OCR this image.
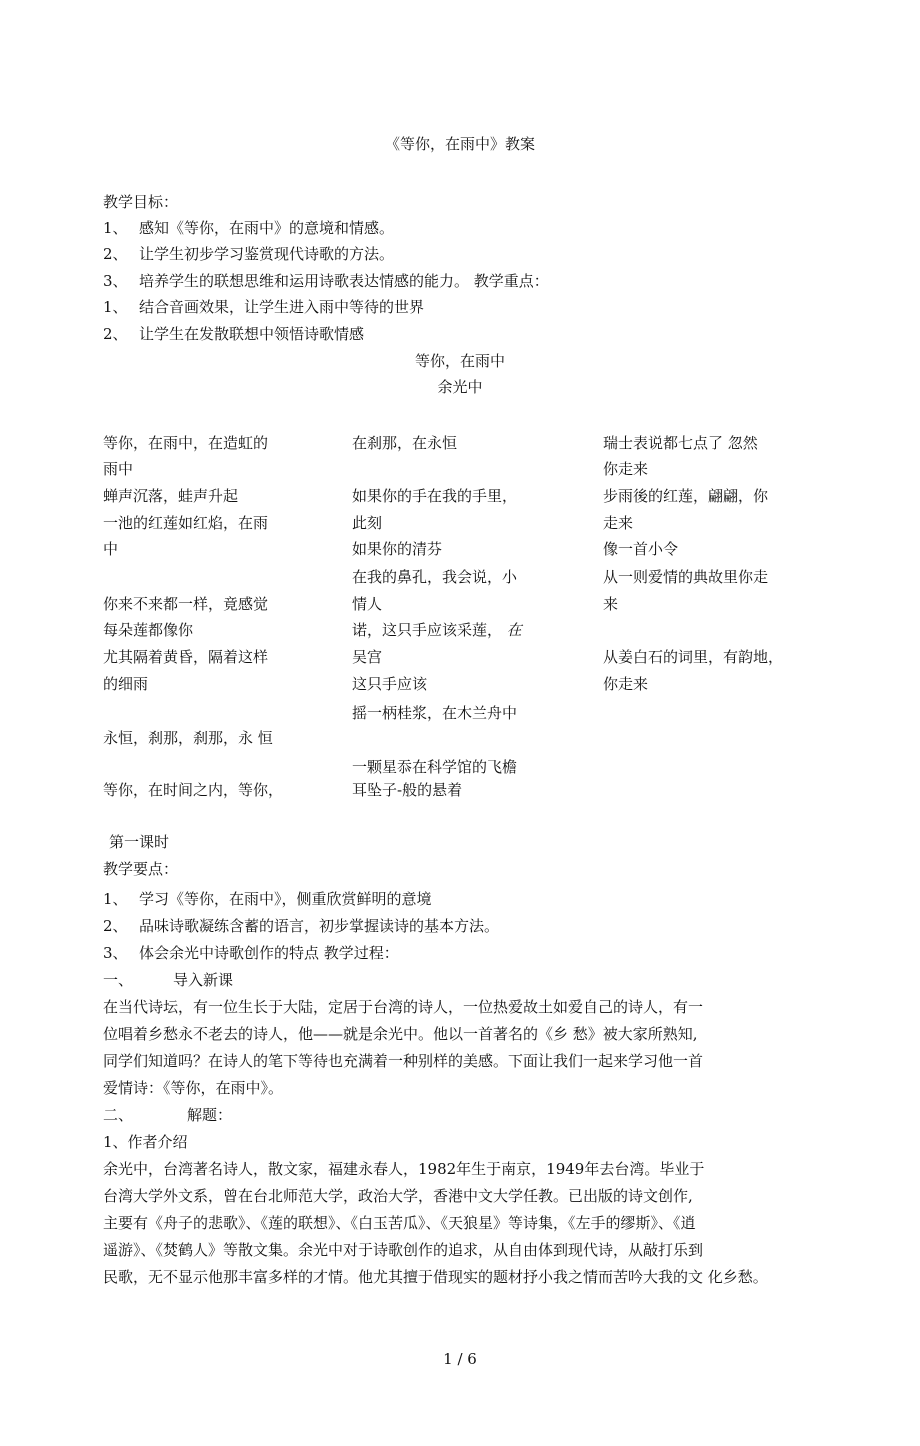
《等你，在雨中》教案
教学目标：
1、 感知《等你，在雨中》的意境和情感。
2、 让学生初步学习鉴赏现代诗歌的方法。
3、 培养学生的联想思维和运用诗歌表达情感的能力。 教学重点：
1、 结合音画效果，让学生进入雨中等待的世界
2、 让学生在发散联想中领悟诗歌情感
等你，在雨中
余光中
等你，在雨中，在造虹的
雨中
蝉声沉落，蛙声升起
一池的红莲如红焰，在雨
中
你来不来都一样，竟感觉
每朵莲都像你
尤其隔着黄昏，隔着这样
的细雨
永恒，刹那，刹那，永 恒
等你，在时间之内，等你，
在刹那，在永恒
如果你的手在我的手里，
此刻
如果你的清芬
在我的鼻孔，我会说，小
情人
诺，这只手应该采莲， 在
吴宫
这只手应该
摇一柄桂浆，在木兰舟中
一颗星忝在科学馆的飞檐
耳坠子-般的悬着
瑞士表说都七点了 忽然
你走来
步雨後的红莲，翩翩，你
走来
像一首小令
从一则爱情的典故里你走
来
从姜白石的词里，有韵地，
你走来
第一课时
教学要点：
1、 学习《等你，在雨中》，侧重欣赏鲜明的意境
2、 品味诗歌凝练含蓄的语言，初步掌握读诗的基本方法。
3、 体会余光中诗歌创作的特点 教学过程：
一、	导入新课
在当代诗坛，有一位生长于大陆，定居于台湾的诗人，一位热爱故土如爱自己的诗人，有一
位唱着乡愁永不老去的诗人，他——就是余光中。他以一首著名的《乡 愁》被大家所熟知,
同学们知道吗？在诗人的笔下等待也充满着一种别样的美感。下面让我们一起来学习他一首
爱情诗：《等你，在雨中》。
二、	解题：
1、作者介绍
余光中，台湾著名诗人，散文家，福建永春人，1982年生于南京，1949年去台湾。毕业于
台湾大学外文系，曾在台北师范大学，政治大学，香港中文大学任教。已出版的诗文创作,
主要有《舟子的悲歌》、《莲的联想》、《白玉苦瓜》、《天狼星》等诗集，《左手的缪斯》、《逍
遥游》、《焚鹤人》等散文集。余光中对于诗歌创作的追求，从自由体到现代诗，从敲打乐到
民歌，无不显示他那丰富多样的才情。他尤其擅于借现实的题材抒小我之情而苦吟大我的文 化乡愁。
1 / 6
